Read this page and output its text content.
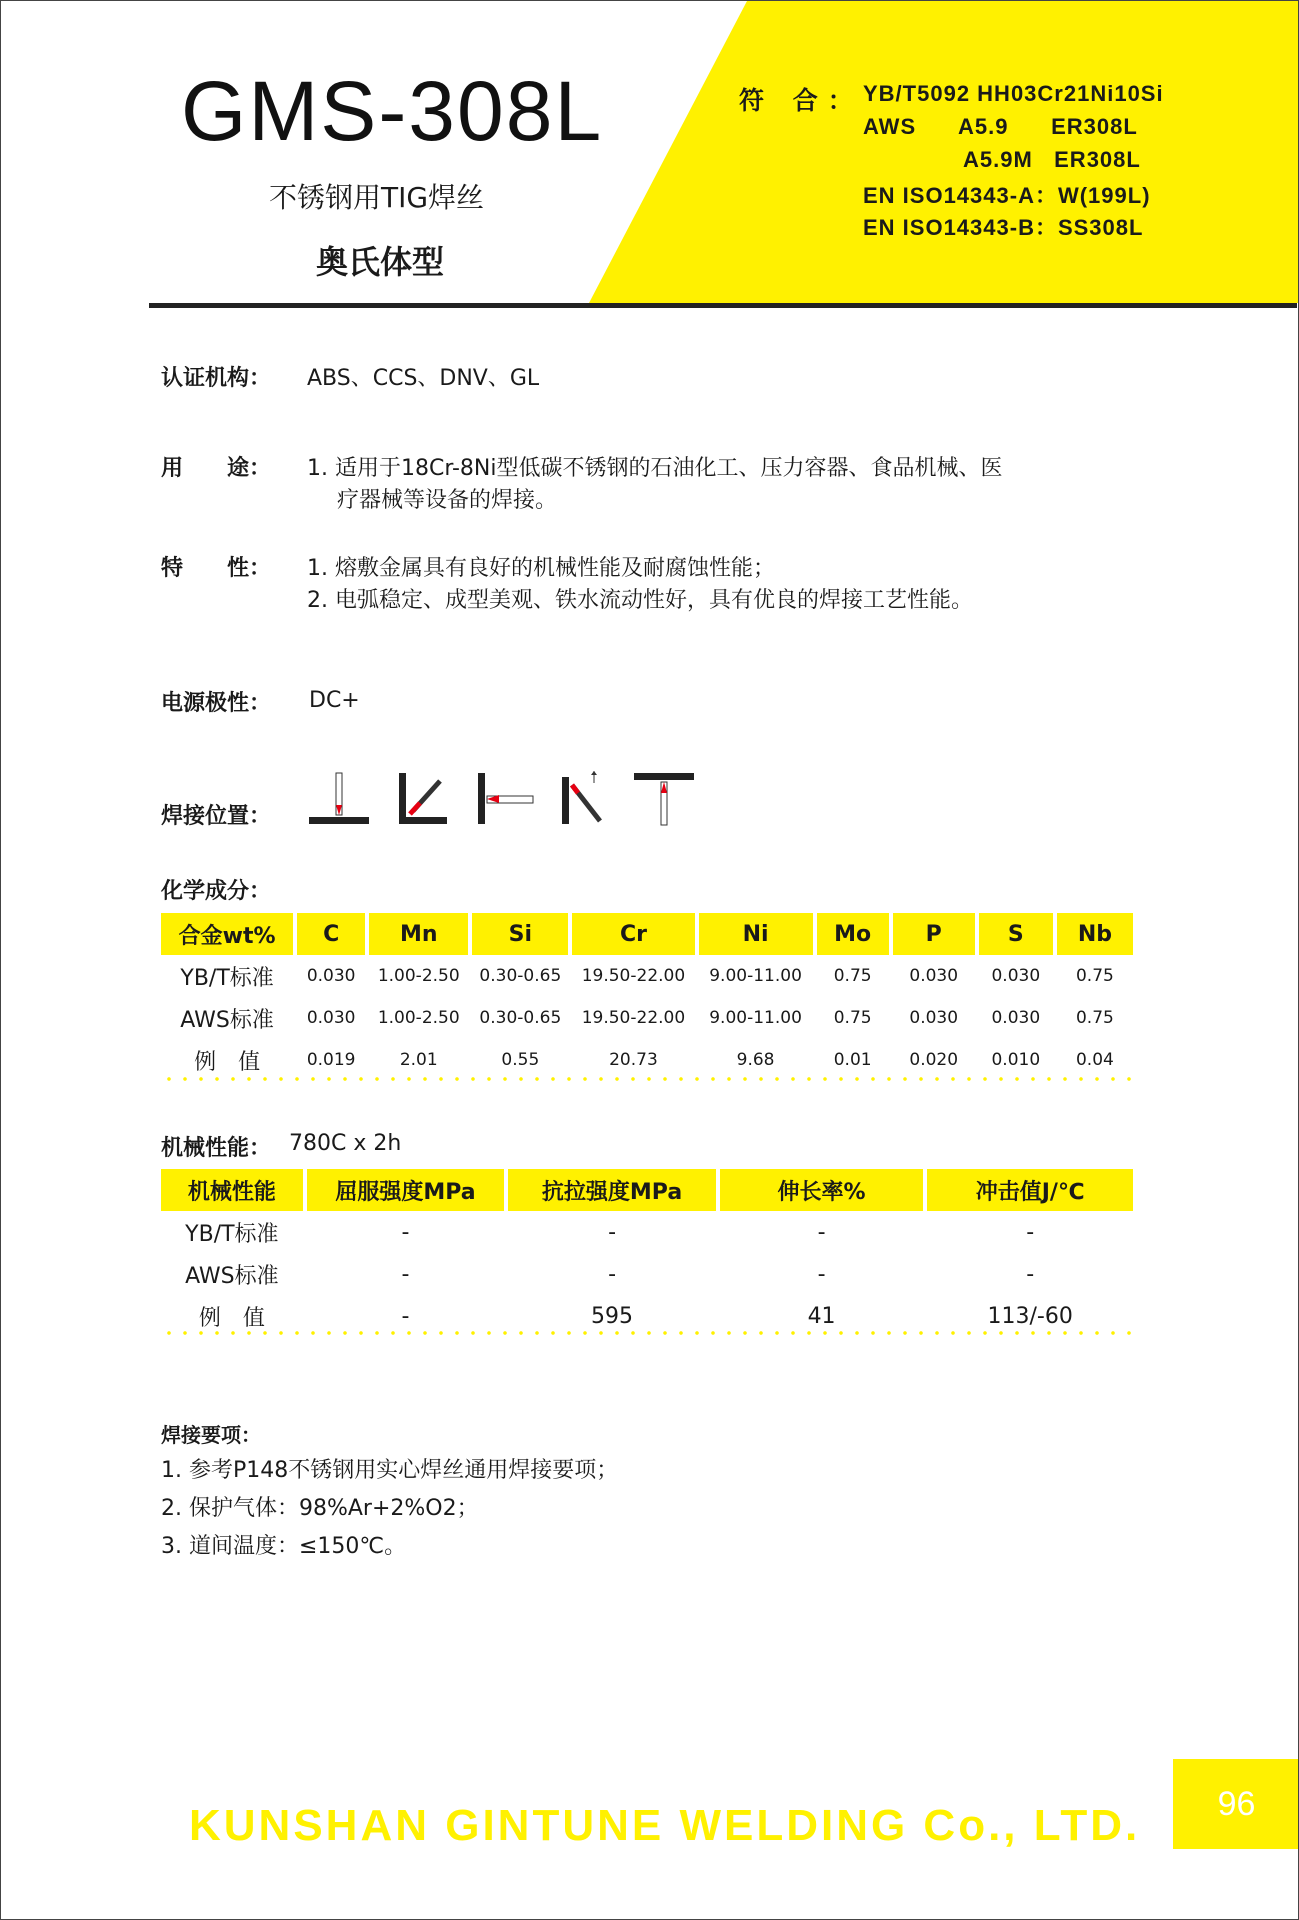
GMS-308L
不锈钢用TIG焊丝
奥氏体型
符 合： YB/T5092 HH03Cr21Ni10Si
AWS      A5.9      ER308L
A5.9M   ER308L
EN ISO14343-A：W(199L)
EN ISO14343-B：SS308L
认证机构： ABS、CCS、DNV、GL
用　　途： 1. 适用于18Cr-8Ni型低碳不锈钢的石油化工、压力容器、食品机械、医
疗器械等设备的焊接。
特　　性： 1. 熔敷金属具有良好的机械性能及耐腐蚀性能；
2. 电弧稳定、成型美观、铁水流动性好，具有优良的焊接工艺性能。
电源极性： DC+
焊接位置：
化学成分：
合金wt%	C	Mn	Si	Cr	Ni	Mo	P	S	Nb
YB/T标准	0.030	1.00-2.50	0.30-0.65	19.50-22.00	9.00-11.00	0.75	0.030	0.030	0.75
AWS标准	0.030	1.00-2.50	0.30-0.65	19.50-22.00	9.00-11.00	0.75	0.030	0.030	0.75
例　值	0.019	2.01	0.55	20.73	9.68	0.01	0.020	0.010	0.04
机械性能： 780C x 2h
机械性能	屈服强度MPa	抗拉强度MPa	伸长率%	冲击值J/℃
YB/T标准	-	-	-	-
AWS标准	-	-	-	-
例　值	-	595	41	113/-60
焊接要项：
1. 参考P148不锈钢用实心焊丝通用焊接要项；
2. 保护气体：98%Ar+2%O2；
3. 道间温度：≤150℃。
96
KUNSHAN GINTUNE WELDING Co., LTD.
